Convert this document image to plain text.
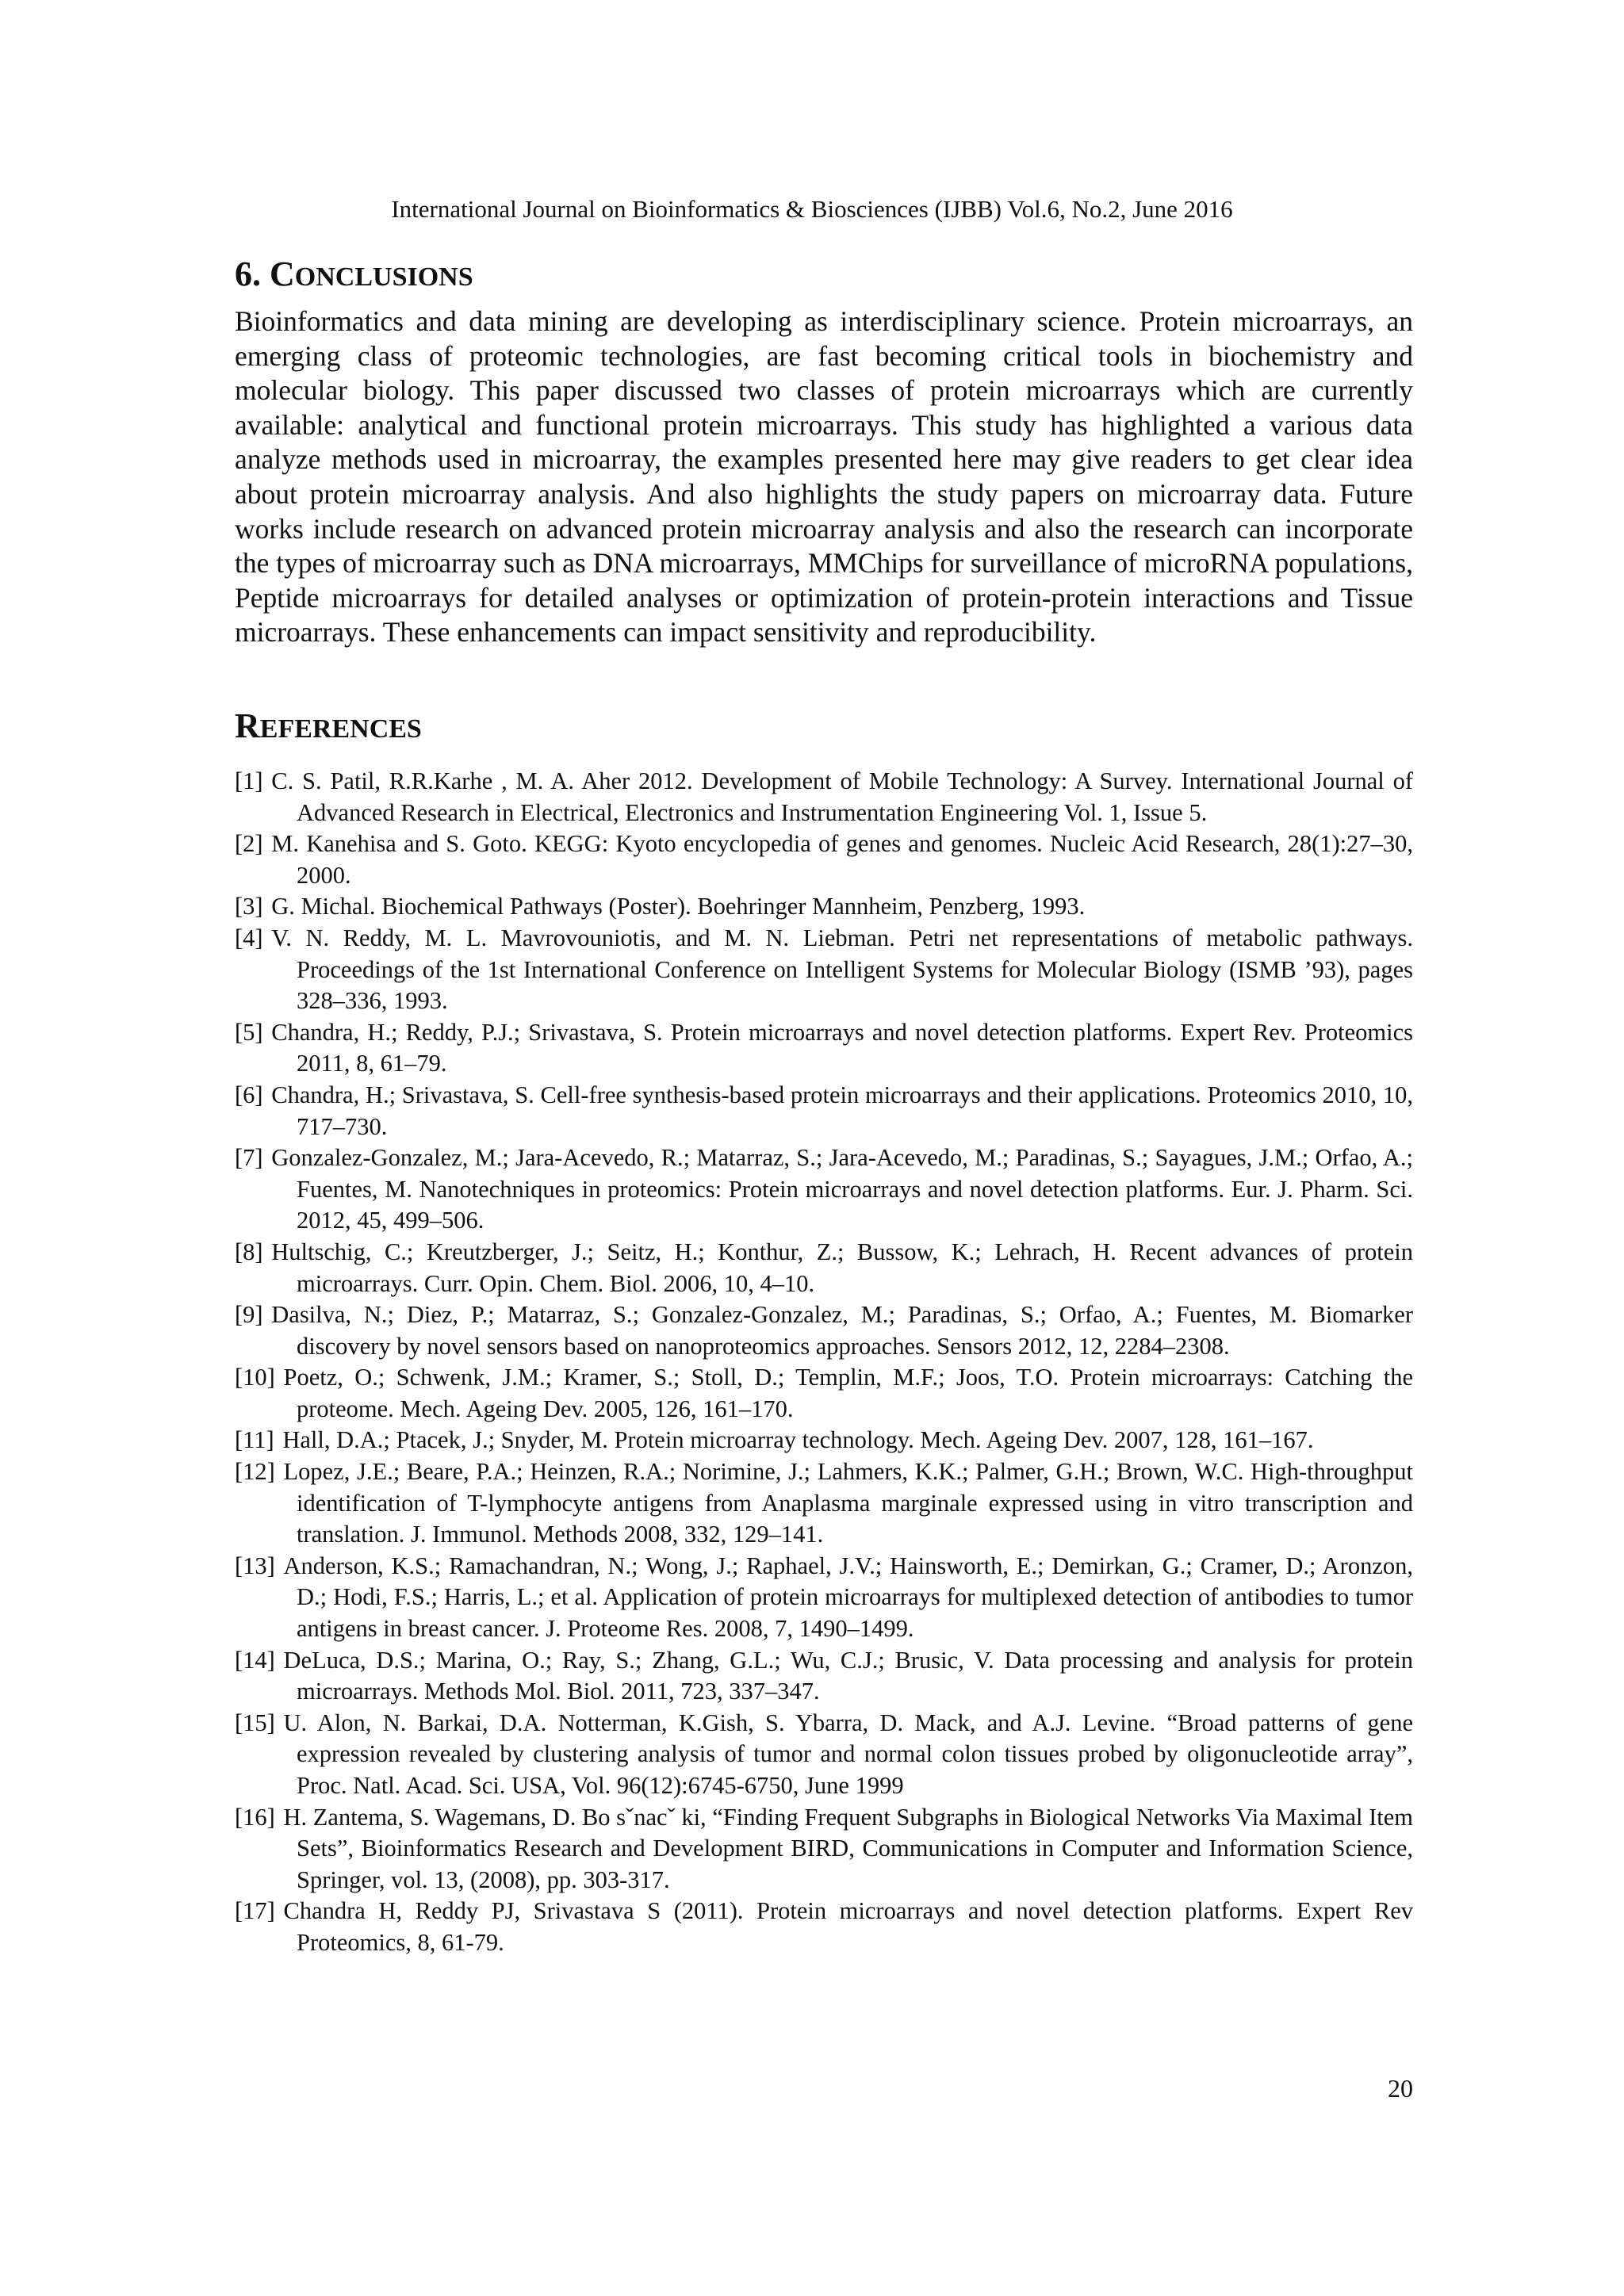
International Journal on Bioinformatics & Biosciences (IJBB) Vol.6, No.2, June 2016
6. CONCLUSIONS

Bioinformatics and data mining are developing as interdisciplinary science. Protein microarrays, an emerging class of proteomic technologies, are fast becoming critical tools in biochemistry and molecular biology. This paper discussed two classes of protein microarrays which are currently available: analytical and functional protein microarrays. This study has highlighted a various data analyze methods used in microarray, the examples presented here may give readers to get clear idea about protein microarray analysis. And also highlights the study papers on microarray data. Future works include research on advanced protein microarray analysis and also the research can incorporate the types of microarray such as DNA microarrays, MMChips for surveillance of microRNA populations, Peptide microarrays for detailed analyses or optimization of protein-protein interactions and Tissue microarrays. These enhancements can impact sensitivity and reproducibility.

REFERENCES
[1] C. S. Patil, R.R.Karhe , M. A. Aher 2012. Development of Mobile Technology: A Survey. International Journal of Advanced Research in Electrical, Electronics and Instrumentation Engineering Vol. 1, Issue 5.
[2] M. Kanehisa and S. Goto. KEGG: Kyoto encyclopedia of genes and genomes. Nucleic Acid Research, 28(1):27–30, 2000.
[3] G. Michal. Biochemical Pathways (Poster). Boehringer Mannheim, Penzberg, 1993.
[4] V. N. Reddy, M. L. Mavrovouniotis, and M. N. Liebman. Petri net representations of metabolic pathways. Proceedings of the 1st International Conference on Intelligent Systems for Molecular Biology (ISMB ’93), pages 328–336, 1993.
[5] Chandra, H.; Reddy, P.J.; Srivastava, S. Protein microarrays and novel detection platforms. Expert Rev. Proteomics 2011, 8, 61–79.
[6] Chandra, H.; Srivastava, S. Cell-free synthesis-based protein microarrays and their applications. Proteomics 2010, 10, 717–730.
[7] Gonzalez-Gonzalez, M.; Jara-Acevedo, R.; Matarraz, S.; Jara-Acevedo, M.; Paradinas, S.; Sayagues, J.M.; Orfao, A.; Fuentes, M. Nanotechniques in proteomics: Protein microarrays and novel detection platforms. Eur. J. Pharm. Sci. 2012, 45, 499–506.
[8] Hultschig, C.; Kreutzberger, J.; Seitz, H.; Konthur, Z.; Bussow, K.; Lehrach, H. Recent advances of protein microarrays. Curr. Opin. Chem. Biol. 2006, 10, 4–10.
[9] Dasilva, N.; Diez, P.; Matarraz, S.; Gonzalez-Gonzalez, M.; Paradinas, S.; Orfao, A.; Fuentes, M. Biomarker discovery by novel sensors based on nanoproteomics approaches. Sensors 2012, 12, 2284–2308.
[10] Poetz, O.; Schwenk, J.M.; Kramer, S.; Stoll, D.; Templin, M.F.; Joos, T.O. Protein microarrays: Catching the proteome. Mech. Ageing Dev. 2005, 126, 161–170.
[11] Hall, D.A.; Ptacek, J.; Snyder, M. Protein microarray technology. Mech. Ageing Dev. 2007, 128, 161–167.
[12] Lopez, J.E.; Beare, P.A.; Heinzen, R.A.; Norimine, J.; Lahmers, K.K.; Palmer, G.H.; Brown, W.C. High-throughput identification of T-lymphocyte antigens from Anaplasma marginale expressed using in vitro transcription and translation. J. Immunol. Methods 2008, 332, 129–141.
[13] Anderson, K.S.; Ramachandran, N.; Wong, J.; Raphael, J.V.; Hainsworth, E.; Demirkan, G.; Cramer, D.; Aronzon, D.; Hodi, F.S.; Harris, L.; et al. Application of protein microarrays for multiplexed detection of antibodies to tumor antigens in breast cancer. J. Proteome Res. 2008, 7, 1490–1499.
[14] DeLuca, D.S.; Marina, O.; Ray, S.; Zhang, G.L.; Wu, C.J.; Brusic, V. Data processing and analysis for protein microarrays. Methods Mol. Biol. 2011, 723, 337–347.
[15] U. Alon, N. Barkai, D.A. Notterman, K.Gish, S. Ybarra, D. Mack, and A.J. Levine. “Broad patterns of gene expression revealed by clustering analysis of tumor and normal colon tissues probed by oligonucleotide array”, Proc. Natl. Acad. Sci. USA, Vol. 96(12):6745-6750, June 1999
[16] H. Zantema, S. Wagemans, D. Bo sˇnacˇ ki, “Finding Frequent Subgraphs in Biological Networks Via Maximal Item Sets”, Bioinformatics Research and Development BIRD, Communications in Computer and Information Science, Springer, vol. 13, (2008), pp. 303-317.
[17] Chandra H, Reddy PJ, Srivastava S (2011). Protein microarrays and novel detection platforms. Expert Rev Proteomics, 8, 61-79.
20
